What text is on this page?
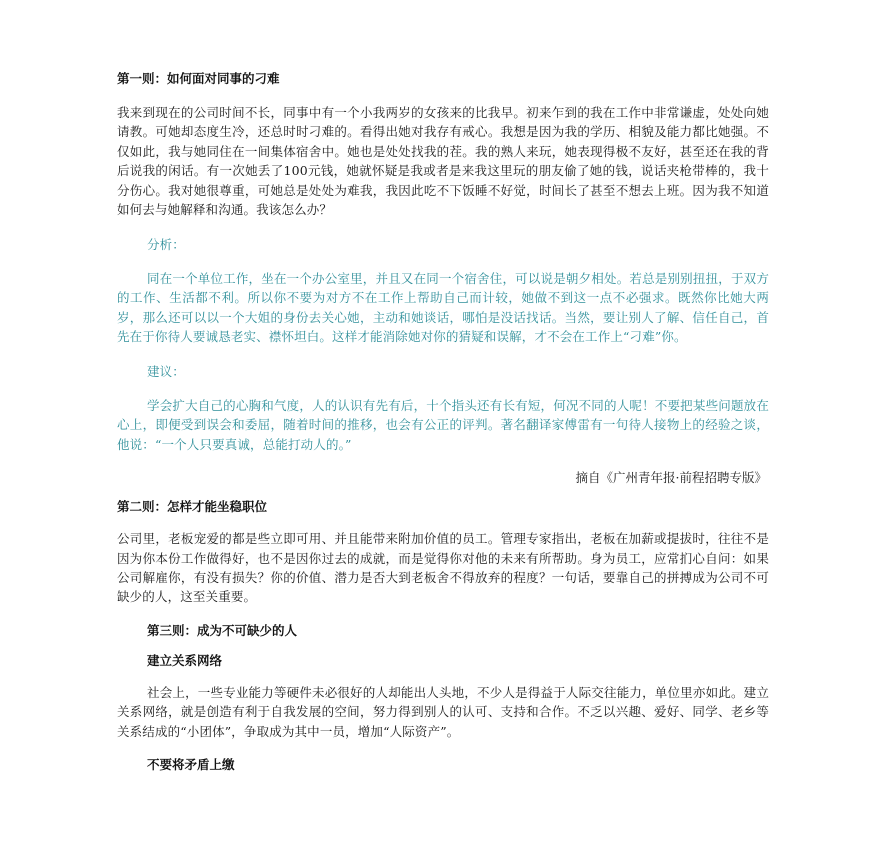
第一则：如何面对同事的刁难

我来到现在的公司时间不长，同事中有一个小我两岁的女孩来的比我早。初来乍到的我在工作中非常谦虚，处处向她请教。可她却态度生冷，还总时时刁难的。看得出她对我存有戒心。我想是因为我的学历、相貌及能力都比她强。不仅如此，我与她同住在一间集体宿舍中。她也是处处找我的茬。我的熟人来玩，她表现得极不友好，甚至还在我的背后说我的闲话。有一次她丢了100元钱，她就怀疑是我或者是来我这里玩的朋友偷了她的钱，说话夹枪带棒的，我十分伤心。我对她很尊重，可她总是处处为难我，我因此吃不下饭睡不好觉，时间长了甚至不想去上班。因为我不知道如何去与她解释和沟通。我该怎么办？

分析：

同在一个单位工作，坐在一个办公室里，并且又在同一个宿舍住，可以说是朝夕相处。若总是别别扭扭，于双方的工作、生活都不利。所以你不要为对方不在工作上帮助自己而计较，她做不到这一点不必强求。既然你比她大两岁，那么还可以以一个大姐的身份去关心她，主动和她谈话，哪怕是没话找话。当然，要让别人了解、信任自己，首先在于你待人要诚恳老实、襟怀坦白。这样才能消除她对你的猜疑和误解，才不会在工作上“刁难”你。

建议：

学会扩大自己的心胸和气度，人的认识有先有后，十个指头还有长有短，何况不同的人呢！不要把某些问题放在心上，即便受到误会和委屈，随着时间的推移，也会有公正的评判。著名翻译家傅雷有一句待人接物上的经验之谈，他说：“一个人只要真诚，总能打动人的。”

摘自《广州青年报·前程招聘专版》

第二则：怎样才能坐稳职位

公司里，老板宠爱的都是些立即可用、并且能带来附加价值的员工。管理专家指出，老板在加薪或提拔时，往往不是因为你本份工作做得好，也不是因你过去的成就，而是觉得你对他的未来有所帮助。身为员工，应常扪心自问：如果公司解雇你，有没有损失？你的价值、潜力是否大到老板舍不得放弃的程度？一句话，要靠自己的拼搏成为公司不可缺少的人，这至关重要。

第三则：成为不可缺少的人

建立关系网络

社会上，一些专业能力等硬件未必很好的人却能出人头地，不少人是得益于人际交往能力，单位里亦如此。建立关系网络，就是创造有利于自我发展的空间，努力得到别人的认可、支持和合作。不乏以兴趣、爱好、同学、老乡等关系结成的“小团体”，争取成为其中一员，增加“人际资产”。

不要将矛盾上缴
